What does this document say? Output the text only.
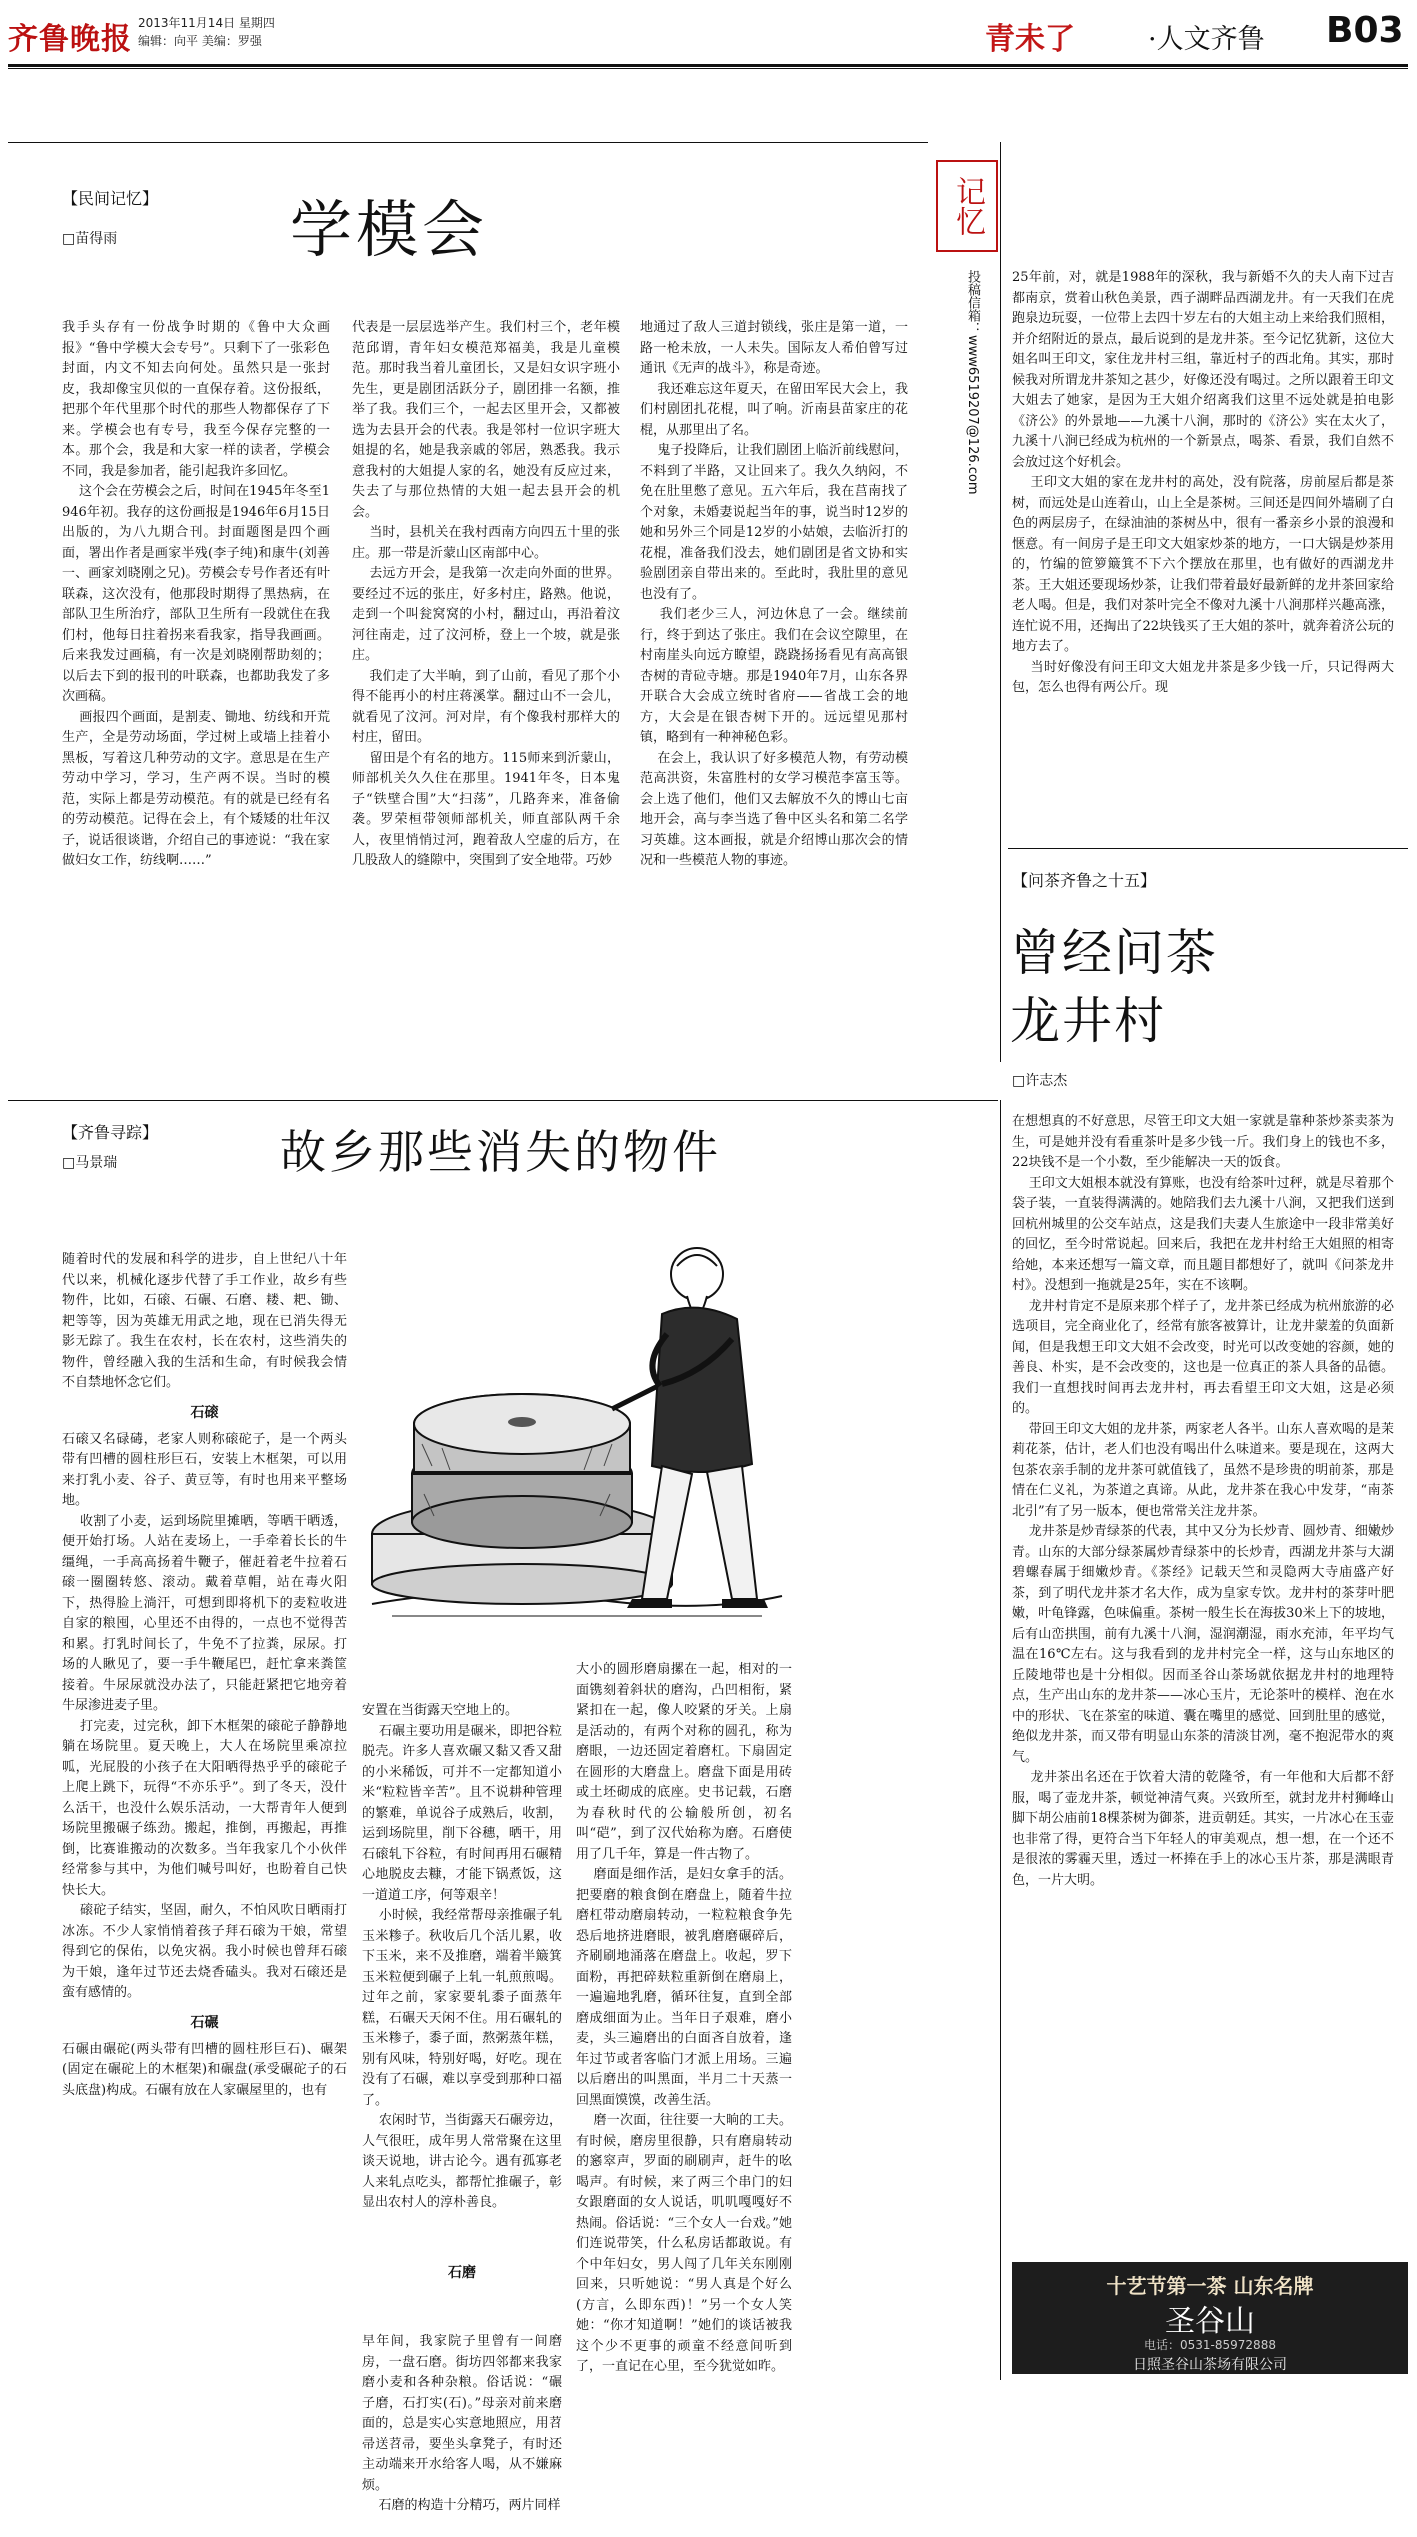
齐鲁晚报 2013年11月14日 星期四
编辑：向平 美编：罗强	青未了	·人文齐鲁 B03
【民间记忆】
□苗得雨	学模会
我手头存有一份战争时期的《鲁中大众画报》“鲁中学模大会专号”。只剩下了一张彩色封面，内文不知去向何处。虽然只是一张封皮，我却像宝贝似的一直保存着。这份报纸，把那个年代里那个时代的那些人物都保存了下来。学模会也有专号，我至今保存完整的一本。那个会，我是和大家一样的读者，学模会不同，我是参加者，能引起我许多回忆。
这个会在劳模会之后，时间在1945年冬至1946年初。我存的这份画报是1946年6月15日出版的，为八九期合刊。封面题图是四个画面，署出作者是画家半残(李子纯)和康牛(刘善一、画家刘晓刚之兄)。劳模会专号作者还有叶联森，这次没有，他那段时期得了黑热病，在部队卫生所治疗，部队卫生所有一段就住在我们村，他每日拄着拐来看我家，指导我画画。后来我发过画稿，有一次是刘晓刚帮助刻的；以后去下到的报刊的叶联森，也都助我发了多次画稿。
画报四个画面，是割麦、锄地、纺线和开荒生产，全是劳动场面，学过树上或墙上挂着小黑板，写着这几种劳动的文字。意思是在生产劳动中学习，学习，生产两不误。当时的模范，实际上都是劳动模范。有的就是已经有名的劳动模范。记得在会上，有个矮矮的壮年汉子，说话很谈谐，介绍自己的事迹说：“我在家做妇女工作，纺线啊……”
代表是一层层选举产生。我们村三个，老年模范邱谓，青年妇女模范郑福美，我是儿童模范。那时我当着儿童团长，又是妇女识字班小先生，更是剧团活跃分子，剧团排一名额，推举了我。我们三个，一起去区里开会，又都被选为去县开会的代表。我是邻村一位识字班大姐提的名，她是我亲戚的邻居，熟悉我。我示意我村的大姐提人家的名，她没有反应过来，失去了与那位热情的大姐一起去县开会的机会。
当时，县机关在我村西南方向四五十里的张庄。那一带是沂蒙山区南部中心。
去远方开会，是我第一次走向外面的世界。要经过不远的张庄，好多村庄，路熟。他说，走到一个叫瓮窝窝的小村，翻过山，再沿着汶河往南走，过了汶河桥，登上一个坡，就是张庄。
我们走了大半晌，到了山前，看见了那个小得不能再小的村庄蒋溪掌。翻过山不一会儿，就看见了汶河。河对岸，有个像我村那样大的村庄，留田。
留田是个有名的地方。115师来到沂蒙山，师部机关久久住在那里。1941年冬，日本鬼子“铁壁合围”大“扫荡”，几路奔来，准备偷袭。罗荣桓带领师部机关，师直部队两千余人，夜里悄悄过河，跑着敌人空虚的后方，在几股敌人的缝隙中，突围到了安全地带。巧妙
地通过了敌人三道封锁线，张庄是第一道，一路一枪未放，一人未失。国际友人希伯曾写过通讯《无声的战斗》，称是奇迹。
我还难忘这年夏天，在留田军民大会上，我们村剧团扎花棍，叫了响。沂南县苗家庄的花棍，从那里出了名。
鬼子投降后，让我们剧团上临沂前线慰问，不料到了半路，又让回来了。我久久纳闷，不免在肚里憋了意见。五六年后，我在莒南找了个对象，未婚妻说起当年的事，说当时12岁的她和另外三个同是12岁的小姑娘，去临沂打的花棍，准备我们没去，她们剧团是省文协和实验剧团亲自带出来的。至此时，我肚里的意见也没有了。
我们老少三人，河边休息了一会。继续前行，终于到达了张庄。我们在会议空隙里，在村南崖头向远方瞭望，跷跷扬扬看见有高高银杏树的青砬寺塘。那是1940年7月，山东各界开联合大会成立统时省府——省战工会的地方，大会是在银杏树下开的。远远望见那村镇，略到有一种神秘色彩。
在会上，我认识了好多模范人物，有劳动模范高洪资，朱富胜村的女学习模范李富玉等。会上选了他们，他们又去解放不久的博山七亩地开会，高与李当选了鲁中区头名和第二名学习英雄。这本画报，就是介绍博山那次会的情况和一些模范人物的事迹。
记忆
投稿信箱：www6519207@126.com 25年前，对，就是1988年的深秋，我与新婚不久的夫人南下过吉都南京，赏着山秋色美景，西子湖畔品西湖龙井。有一天我们在虎跑泉边玩耍，一位带上去四十岁左右的大姐主动上来给我们照相，并介绍附近的景点，最后说到的是龙井茶。至今记忆犹新，这位大姐名叫王印文，家住龙井村三组，靠近村子的西北角。其实，那时候我对所谓龙井茶知之甚少，好像还没有喝过。之所以跟着王印文大姐去了她家，是因为王大姐介绍离我们这里不远处就是拍电影《济公》的外景地——九溪十八涧，那时的《济公》实在太火了，九溪十八涧已经成为杭州的一个新景点，喝茶、看景，我们自然不会放过这个好机会。
王印文大姐的家在龙井村的高处，没有院落，房前屋后都是茶树，而远处是山连着山，山上全是茶树。三间还是四间外墙刷了白色的两层房子，在绿油油的茶树丛中，很有一番亲乡小景的浪漫和惬意。有一间房子是王印文大姐家炒茶的地方，一口大锅是炒茶用的，竹编的笸箩簸箕不下六个摆放在那里，也有做好的西湖龙井茶。王大姐还要现场炒茶，让我们带着最好最新鲜的龙井茶回家给老人喝。但是，我们对茶叶完全不像对九溪十八涧那样兴趣高涨，连忙说不用，还掏出了22块钱买了王大姐的茶叶，就奔着济公玩的地方去了。
当时好像没有问王印文大姐龙井茶是多少钱一斤，只记得两大包，怎么也得有两公斤。现
【问茶齐鲁之十五】
曾经问茶
龙井村
□许志杰
在想想真的不好意思，尽管王印文大姐一家就是靠种茶炒茶卖茶为生，可是她并没有看重茶叶是多少钱一斤。我们身上的钱也不多，22块钱不是一个小数，至少能解决一天的饭食。
王印文大姐根本就没有算账，也没有给茶叶过秤，就是尽着那个袋子装，一直装得满满的。她陪我们去九溪十八涧，又把我们送到回杭州城里的公交车站点，这是我们夫妻人生旅途中一段非常美好的回忆，至今时常说起。回来后，我把在龙井村给王大姐照的相寄给她，本来还想写一篇文章，而且题目都想好了，就叫《问茶龙井村》。没想到一拖就是25年，实在不该啊。
龙井村肯定不是原来那个样子了，龙井茶已经成为杭州旅游的必选项目，完全商业化了，经常有旅客被算计，让龙井蒙羞的负面新闻，但是我想王印文大姐不会改变，时光可以改变她的容颜，她的善良、朴实，是不会改变的，这也是一位真正的茶人具备的品德。我们一直想找时间再去龙井村，再去看望王印文大姐，这是必须的。
带回王印文大姐的龙井茶，两家老人各半。山东人喜欢喝的是茉莉花茶，估计，老人们也没有喝出什么味道来。要是现在，这两大包茶农亲手制的龙井茶可就值钱了，虽然不是珍贵的明前茶，那是情在仁义礼，为茶道之真谛。从此，龙井茶在我心中发芽，“南茶北引”有了另一版本，便也常常关注龙井茶。
龙井茶是炒青绿茶的代表，其中又分为长炒青、圆炒青、细嫩炒青。山东的大部分绿茶属炒青绿茶中的长炒青，西湖龙井茶与大湖碧螺春属于细嫩炒青。《茶经》记载天竺和灵隐两大寺庙盛产好茶，到了明代龙井茶才名大作，成为皇家专饮。龙井村的茶芽叶肥嫩，叶龟锋露，色味偏重。茶树一般生长在海拔30米上下的坡地，后有山峦拱围，前有九溪十八涧，湿润潮湿，雨水充沛，年平均气温在16℃左右。这与我看到的龙井村完全一样，这与山东地区的丘陵地带也是十分相似。因而圣谷山茶场就依据龙井村的地理特点，生产出山东的龙井茶——冰心玉片，无论茶叶的模样、泡在水中的形状、飞在茶室的味道、囊在嘴里的感觉、回到肚里的感觉，绝似龙井茶，而又带有明显山东茶的清淡甘冽，毫不抱泥带水的爽气。
龙井茶出名还在于饮着大清的乾隆爷，有一年他和大后都不舒服，喝了壶龙井茶，顿觉神清气爽。兴致所至，就封龙井村狮峰山脚下胡公庙前18棵茶树为御茶，进贡朝廷。其实，一片冰心在玉壶也非常了得，更符合当下年轻人的审美观点，想一想，在一个还不是很浓的雾霾天里，透过一杯捧在手上的冰心玉片茶，那是满眼青色，一片大明。
十艺节第一茶 山东名牌
圣谷山
电话：0531-85972888
日照圣谷山茶场有限公司
【齐鲁寻踪】
□马景瑞	故乡那些消失的物件
随着时代的发展和科学的进步，自上世纪八十年代以来，机械化逐步代替了手工作业，故乡有些物件，比如，石磙、石碾、石磨、耧、耙、锄、耙等等，因为英雄无用武之地，现在已消失得无影无踪了。我生在农村，长在农村，这些消失的物件，曾经融入我的生活和生命，有时候我会情不自禁地怀念它们。
石磙
石磙又名碌碡，老家人则称磙砣子，是一个两头带有凹槽的圆柱形巨石，安装上木框架，可以用来打乳小麦、谷子、黄豆等，有时也用来平整场地。
收割了小麦，运到场院里摊晒，等晒干晒透，便开始打场。人站在麦场上，一手牵着长长的牛缰绳，一手高高扬着牛鞭子，催赶着老牛拉着石磙一圈圈转悠、滚动。戴着草帽，站在毒火阳下，热得脸上淌汗，可想到即将机下的麦粒收进自家的粮囤，心里还不由得的，一点也不觉得苦和累。打乳时间长了，牛免不了拉粪，尿尿。打场的人瞅见了，要一手牛鞭尾巴，赶忙拿来粪筐接着。牛尿尿就没办法了，只能赶紧把它地旁着牛尿渗进麦子里。
打完麦，过完秋，卸下木框架的磙砣子静静地躺在场院里。夏天晚上，大人在场院里乘凉拉呱，光屁股的小孩子在大阳晒得热乎乎的磙砣子上爬上跳下，玩得“不亦乐乎”。到了冬天，没什么活干，也没什么娱乐活动，一大帮青年人便到场院里搬碾子练劲。搬起，推倒，再搬起，再推倒，比赛谁搬动的次数多。当年我家几个小伙伴经常参与其中，为他们喊号叫好，也盼着自己快快长大。
磙砣子结实，坚固，耐久，不怕风吹日晒雨打冰冻。不少人家悄悄着孩子拜石磙为干娘，常望得到它的保佑，以免灾祸。我小时候也曾拜石磙为干娘，逢年过节还去烧香磕头。我对石磙还是蛮有感情的。
石碾
石碾由碾砣(两头带有凹槽的圆柱形巨石)、碾架(固定在碾砣上的木框架)和碾盘(承受碾砣子的石头底盘)构成。石碾有放在人家碾屋里的，也有

安置在当街露天空地上的。
石碾主要功用是碾米，即把谷粒脱壳。许多人喜欢碾又黏又香又甜的小米稀饭，可并不一定都知道小米“粒粒皆辛苦”。且不说耕种管理的繁难，单说谷子成熟后，收割，运到场院里，削下谷穗，晒干，用石磙轧下谷粒，有时间再用石碾精心地脱皮去糠，才能下锅煮饭，这一道道工序，何等艰辛！
小时候，我经常帮母亲推碾子轧玉米糁子。秋收后几个活儿累，收下玉米，来不及推磨，端着半簸箕玉米粒便到碾子上轧一轧煎煎喝。过年之前，家家要轧黍子面蒸年糕，石碾天天闲不住。用石碾轧的玉米糁子，黍子面，熬粥蒸年糕，别有风味，特别好喝，好吃。现在没有了石碾，难以享受到那种口福了。
农闲时节，当街露天石碾旁边，人气很旺，成年男人常常聚在这里谈天说地，讲古论今。遇有孤寡老人来轧点吃头，都帮忙推碾子，彰显出农村人的淳朴善良。

石磨

早年间，我家院子里曾有一间磨房，一盘石磨。街坊四邻都来我家磨小麦和各种杂粮。俗话说：“碾子磨，石打实(石)。”母亲对前来磨面的，总是实心实意地照应，用苕帚送苕帚，要坐头拿凳子，有时还主动端来开水给客人喝，从不嫌麻烦。
石磨的构造十分精巧，两片同样

大小的圆形磨扇摞在一起，相对的一面镌刻着斜状的磨沟，凸凹相衔，紧紧扣在一起，像人咬紧的牙关。上扇是活动的，有两个对称的圆孔，称为磨眼，一边还固定着磨杠。下扇固定在圆形的大磨盘上。磨盘下面是用砖或土坯砌成的底座。史书记载，石磨为春秋时代的公输般所创，初名叫“硙”，到了汉代始称为磨。石磨使用了几千年，算是一件古物了。
磨面是细作活，是妇女拿手的活。把要磨的粮食倒在磨盘上，随着牛拉磨杠带动磨扇转动，一粒粒粮食争先恐后地挤进磨眼，被乳磨磨碾碎后，齐刷刷地涌落在磨盘上。收起，罗下面粉，再把碎麸粒重新倒在磨扇上，一遍遍地乳磨，循环往复，直到全部磨成细面为止。当年日子艰难，磨小麦，头三遍磨出的白面吝自放着，逢年过节或者客临门才派上用场。三遍以后磨出的叫黑面，半月二十天蒸一回黑面馍馍，改善生活。
磨一次面，往往要一大晌的工夫。有时候，磨房里很静，只有磨扇转动的窸窣声，罗面的刷刷声，赶牛的吆喝声。有时候，来了两三个串门的妇女跟磨面的女人说话，叽叽嘎嘎好不热闹。俗话说：“三个女人一台戏。”她们连说带笑，什么私房话都敢说。有个中年妇女，男人闯了几年关东刚刚回来，只听她说：“男人真是个好么(方言，么即东西)！”另一个女人笑她：“你才知道啊！”她们的谈话被我这个少不更事的顽童不经意间听到了，一直记在心里，至今犹觉如昨。
